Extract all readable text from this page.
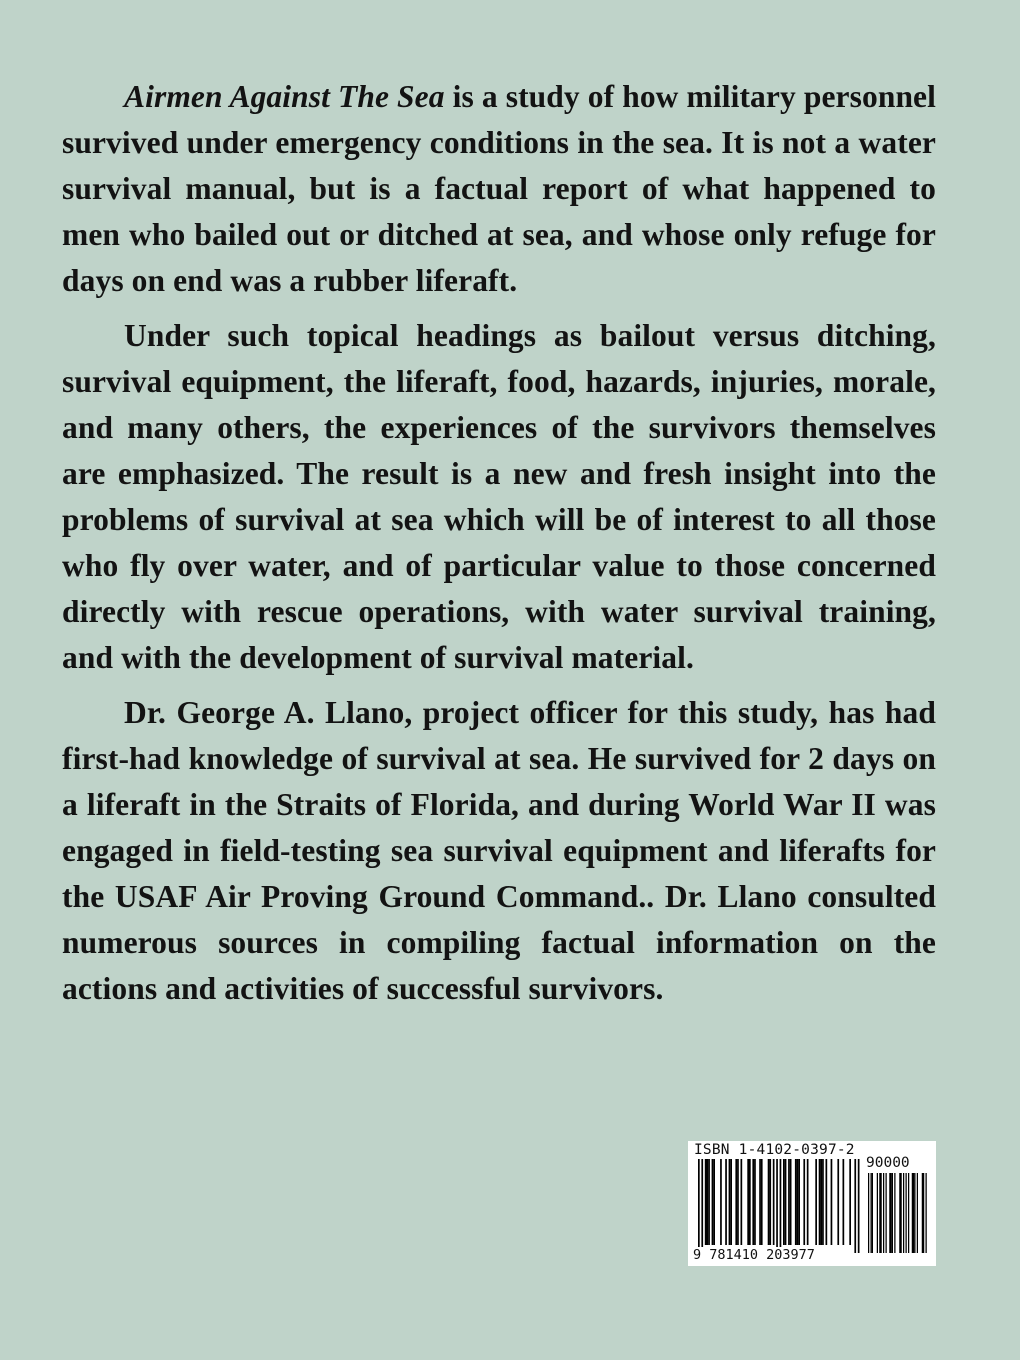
Airmen Against The Sea is a study of how military personnel survived under emergency conditions in the sea. It is not a water survival manual, but is a factual report of what happened to men who bailed out or ditched at sea, and whose only refuge for days on end was a rubber liferaft.

Under such topical headings as bailout versus ditching, survival equipment, the liferaft, food, hazards, injuries, morale, and many others, the experiences of the survivors themselves are emphasized. The result is a new and fresh insight into the problems of survival at sea which will be of interest to all those who fly over water, and of particular value to those concerned directly with rescue operations, with water survival training, and with the development of survival material.

Dr. George A. Llano, project officer for this study, has had first-had knowledge of survival at sea. He survived for 2 days on a liferaft in the Straits of Florida, and during World War II was engaged in field-testing sea survival equipment and liferafts for the USAF Air Proving Ground Command.. Dr. Llano consulted numerous sources in compiling factual information on the actions and activities of successful survivors.

ISBN 1-4102-0397-2
90000
9 781410 203977
